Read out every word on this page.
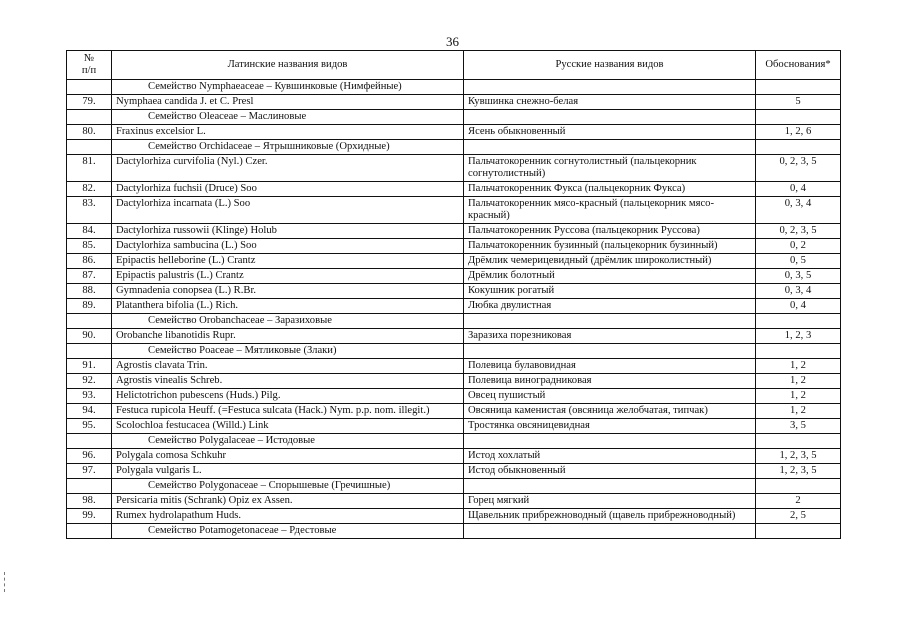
36
№
п/п	Латинские названия видов	Русские названия видов	Обоснования*
	Семейство Nymphaeaceae – Кувшинковые (Нимфейные)		
79.	Nymphaea candida J. et C. Presl	Кувшинка снежно-белая	5
	Семейство Oleaceae – Маслиновые		
80.	Fraxinus excelsior L.	Ясень обыкновенный	1, 2, 6
	Семейство Orchidaceae – Ятрышниковые (Орхидные)		
81.	Dactylorhiza curvifolia (Nyl.) Czer.	Пальчатокоренник согнутолистный (пальцекорник согнутолистный)	0, 2, 3, 5
82.	Dactylorhiza fuchsii (Druce) Soo	Пальчатокоренник Фукса (пальцекорник Фукса)	0, 4
83.	Dactylorhiza incarnata (L.) Soo	Пальчатокоренник мясо-красный (пальцекорник мясо-красный)	0, 3, 4
84.	Dactylorhiza russowii (Klinge) Holub	Пальчатокоренник Руссова (пальцекорник Руссова)	0, 2, 3, 5
85.	Dactylorhiza sambucina (L.) Soo	Пальчатокоренник бузинный (пальцекорник бузинный)	0, 2
86.	Epipactis helleborine (L.) Crantz	Дрёмлик чемерицевидный (дрёмлик широколистный)	0, 5
87.	Epipactis palustris (L.) Crantz	Дрёмлик болотный	0, 3, 5
88.	Gymnadenia conopsea (L.) R.Br.	Кокушник рогатый	0, 3, 4
89.	Platanthera bifolia (L.) Rich.	Любка двулистная	0, 4
	Семейство Orobanchaceae – Заразиховые		
90.	Orobanche libanotidis Rupr.	Заразиха порезниковая	1, 2, 3
	Семейство Poaceae – Мятликовые (Злаки)		
91.	Agrostis clavata Trin.	Полевица булавовидная	1, 2
92.	Agrostis vinealis Schreb.	Полевица виноградниковая	1, 2
93.	Helictotrichon pubescens (Huds.) Pilg.	Овсец пушистый	1, 2
94.	Festuca rupicola Heuff. (=Festuca sulcata (Hack.) Nym. p.p. nom. illegit.)	Овсяница каменистая (овсяница желобчатая, типчак)	1, 2
95.	Scolochloa festucacea (Willd.) Link	Тростянка овсяницевидная	3, 5
	Семейство Polygalaceae – Истодовые		
96.	Polygala comosa Schkuhr	Истод хохлатый	1, 2, 3, 5
97.	Polygala vulgaris L.	Истод обыкновенный	1, 2, 3, 5
	Семейство Polygonaceae – Спорышевые (Гречишные)		
98.	Persicaria mitis (Schrank) Opiz ex Assen.	Горец мягкий	2
99.	Rumex hydrolapathum Huds.	Щавельник прибрежноводный (щавель прибрежноводный)	2, 5
	Семейство Potamogetonaceae – Рдестовые		
